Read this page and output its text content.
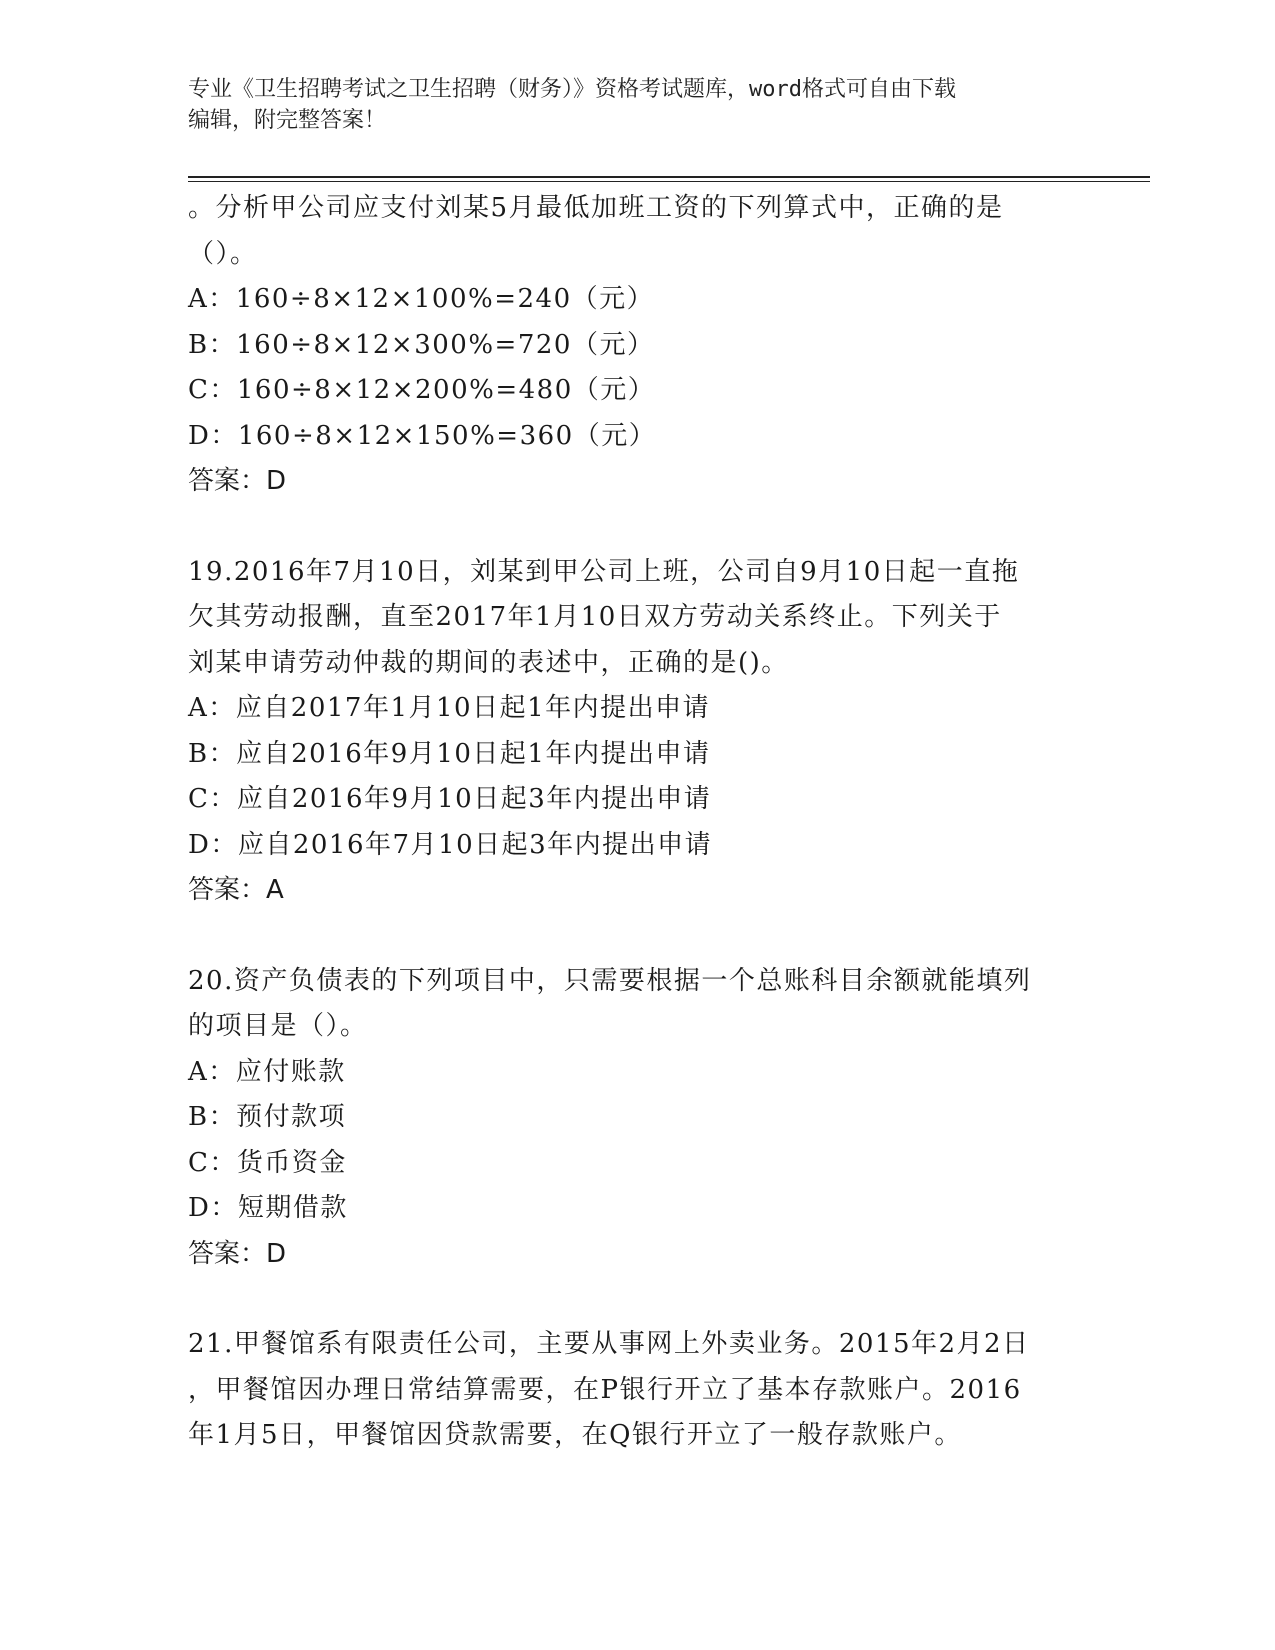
专业《卫生招聘考试之卫生招聘（财务）》资格考试题库，word格式可自由下载
编辑，附完整答案！
。分析甲公司应支付刘某5月最低加班工资的下列算式中，正确的是
（）。
A：160÷8×12×100%=240（元）
B：160÷8×12×300%=720（元）
C：160÷8×12×200%=480（元）
D：160÷8×12×150%=360（元）
答案：D
19.2016年7月10日，刘某到甲公司上班，公司自9月10日起一直拖
欠其劳动报酬，直至2017年1月10日双方劳动关系终止。下列关于
刘某申请劳动仲裁的期间的表述中，正确的是()。
A：应自2017年1月10日起1年内提出申请
B：应自2016年9月10日起1年内提出申请
C：应自2016年9月10日起3年内提出申请
D：应自2016年7月10日起3年内提出申请
答案：A
20.资产负债表的下列项目中，只需要根据一个总账科目余额就能填列
的项目是（）。
A：应付账款
B：预付款项
C：货币资金
D：短期借款
答案：D
21.甲餐馆系有限责任公司，主要从事网上外卖业务。2015年2月2日
，甲餐馆因办理日常结算需要，在P银行开立了基本存款账户。2016
年1月5日，甲餐馆因贷款需要，在Q银行开立了一般存款账户。
